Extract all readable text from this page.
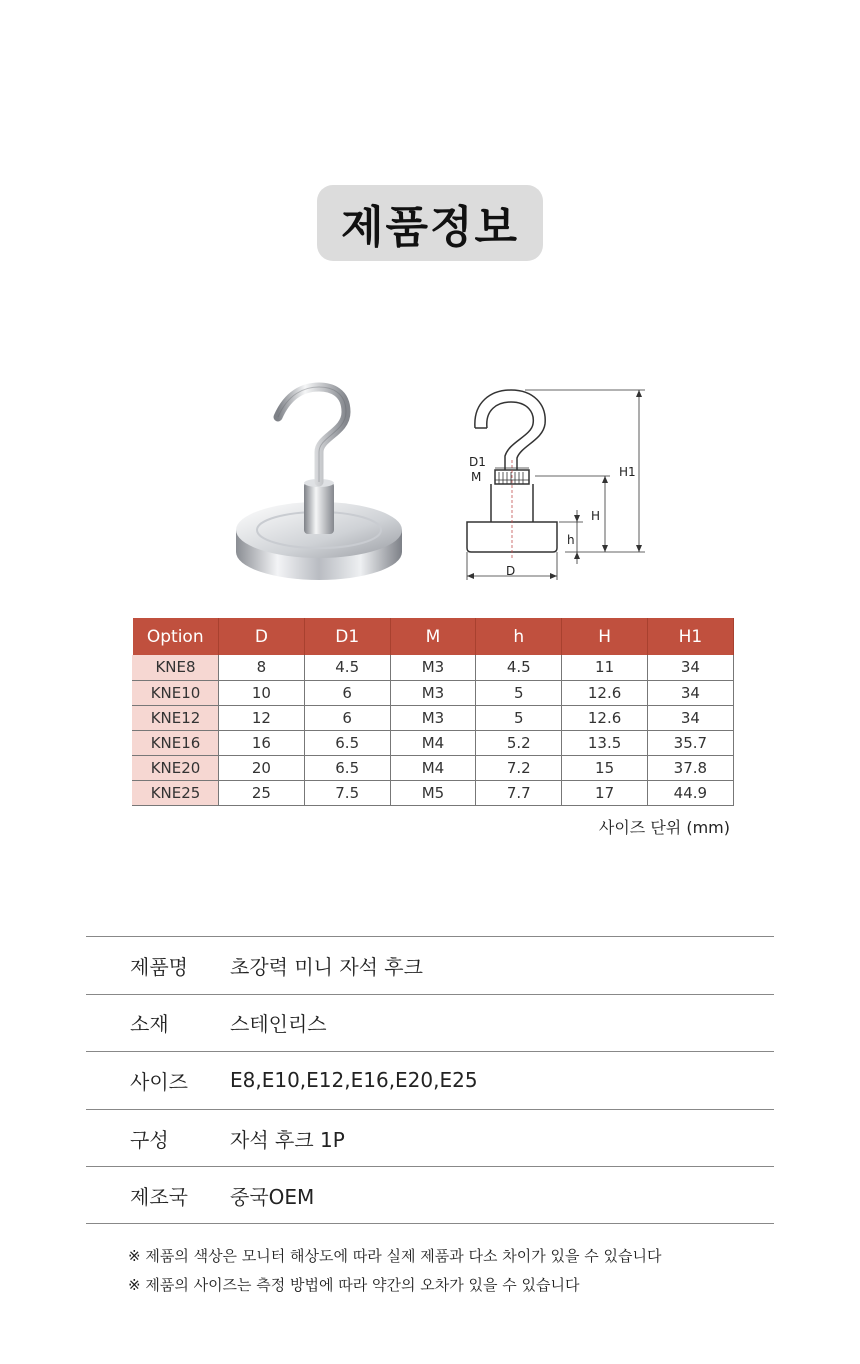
제품정보
D1
M	H1
H
h
D
Option	D	D1	M	h	H	H1
KNE8	8	4.5	M3	4.5	11	34
KNE10	10	6	M3	5	12.6	34
KNE12	12	6	M3	5	12.6	34
KNE16	16	6.5	M4	5.2	13.5	35.7
KNE20	20	6.5	M4	7.2	15	37.8
KNE25	25	7.5	M5	7.7	17	44.9
사이즈 단위 (mm)
제품명	초강력 미니 자석 후크
소재	스테인리스
사이즈	E8,E10,E12,E16,E20,E25
구성	자석 후크 1P
제조국	중국OEM
※ 제품의 색상은 모니터 해상도에 따라 실제 제품과 다소 차이가 있을 수 있습니다
※ 제품의 사이즈는 측정 방법에 따라 약간의 오차가 있을 수 있습니다
